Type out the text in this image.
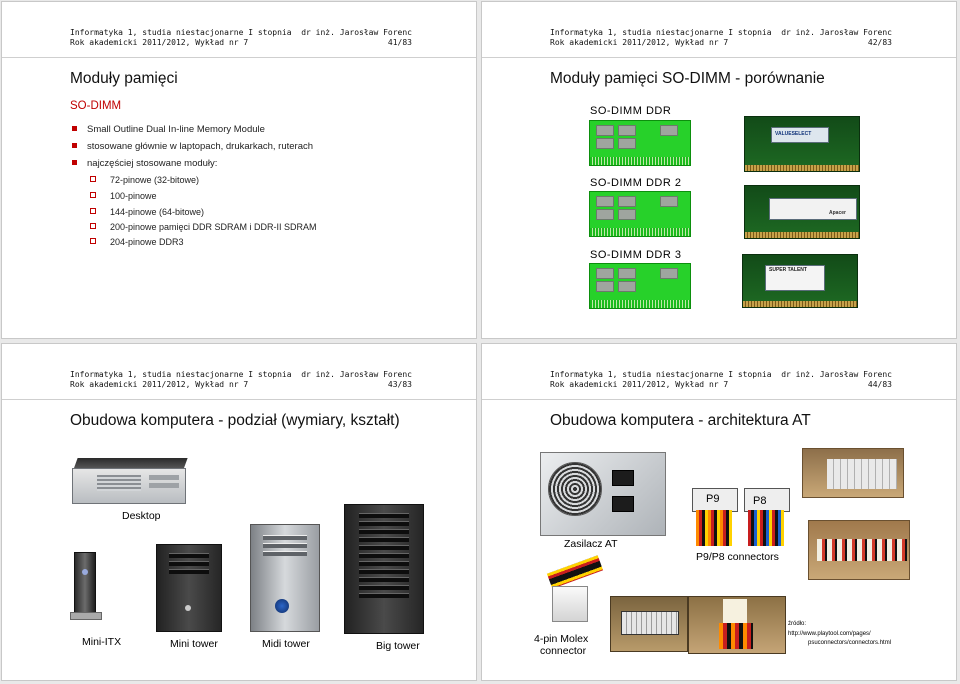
Informatyka 1, studia niestacjonarne I stopnia dr inż. Jarosław Forenc
Rok akademicki 2011/2012, Wykład nr 7	41/83
Moduły pamięci
SO-DIMM
Small Outline Dual In-line Memory Module
stosowane głównie w laptopach, drukarkach, ruterach
najczęściej stosowane moduły:
72-pinowe (32-bitowe)
100-pinowe
144-pinowe (64-bitowe)
200-pinowe pamięci DDR SDRAM i DDR-II SDRAM
204-pinowe DDR3
Informatyka 1, studia niestacjonarne I stopnia dr inż. Jarosław Forenc
Rok akademicki 2011/2012, Wykład nr 7	42/83
Moduły pamięci SO-DIMM - porównanie
SO-DIMM DDR
SO-DIMM DDR 2
SO-DIMM DDR 3
VALUESELECT
Apacer
SUPER TALENT
Informatyka 1, studia niestacjonarne I stopnia dr inż. Jarosław Forenc
Rok akademicki 2011/2012, Wykład nr 7	43/83
Obudowa komputera - podział (wymiary, kształt)
Desktop
Mini-ITX	Mini tower	Midi tower	Big tower
Informatyka 1, studia niestacjonarne I stopnia dr inż. Jarosław Forenc
Rok akademicki 2011/2012, Wykład nr 7	44/83
Obudowa komputera - architektura AT
Zasilacz AT
P9	P8
P9/P8 connectors
4-pin Molex
connector
źródło:
http://www.playtool.com/pages/
psuconnectors/connectors.html
